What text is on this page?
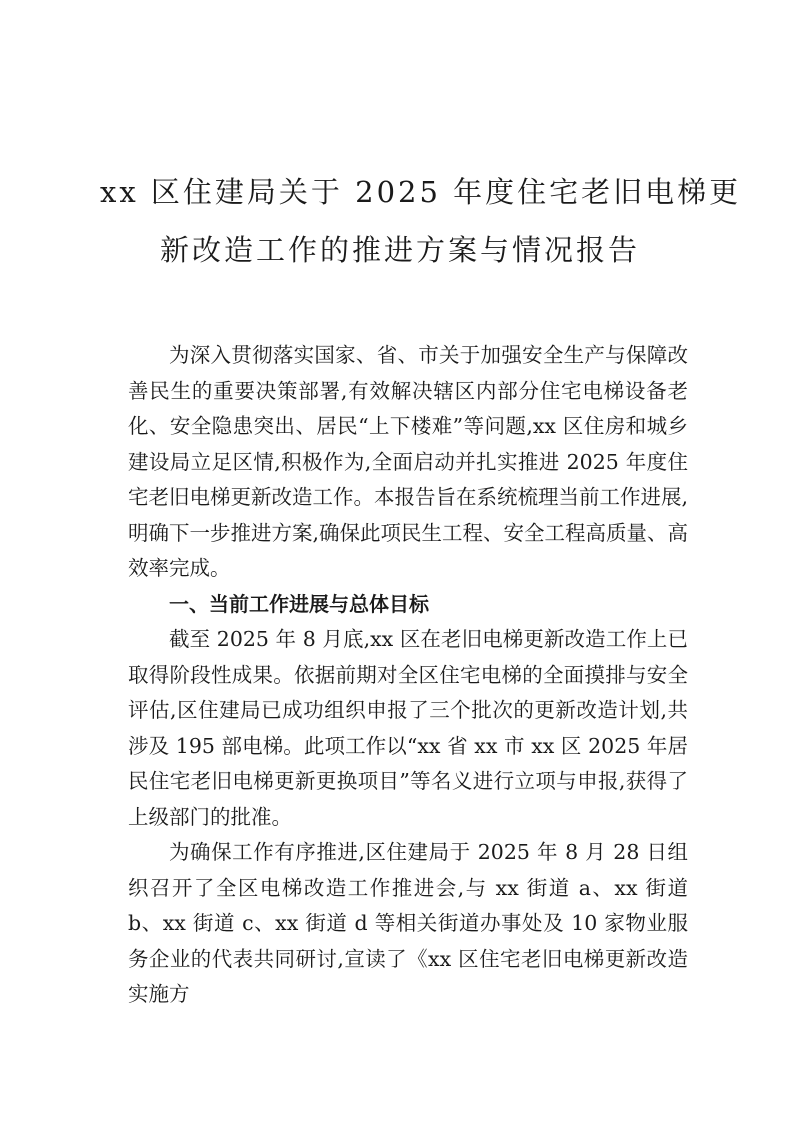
xx 区住建局关于 2025 年度住宅老旧电梯更
新改造工作的推进方案与情况报告

为深入贯彻落实国家、省、市关于加强安全生产与保障改善民生的重要决策部署,有效解决辖区内部分住宅电梯设备老化、安全隐患突出、居民“上下楼难”等问题,xx 区住房和城乡建设局立足区情,积极作为,全面启动并扎实推进 2025 年度住宅老旧电梯更新改造工作。本报告旨在系统梳理当前工作进展,明确下一步推进方案,确保此项民生工程、安全工程高质量、高效率完成。

一、当前工作进展与总体目标

截至 2025 年 8 月底,xx 区在老旧电梯更新改造工作上已取得阶段性成果。依据前期对全区住宅电梯的全面摸排与安全评估,区住建局已成功组织申报了三个批次的更新改造计划,共涉及 195 部电梯。此项工作以“xx 省 xx 市 xx 区 2025 年居民住宅老旧电梯更新更换项目”等名义进行立项与申报,获得了上级部门的批准。

为确保工作有序推进,区住建局于 2025 年 8 月 28 日组织召开了全区电梯改造工作推进会,与 xx 街道 a、xx 街道 b、xx 街道 c、xx 街道 d 等相关街道办事处及 10 家物业服务企业的代表共同研讨,宣读了《xx 区住宅老旧电梯更新改造实施方
